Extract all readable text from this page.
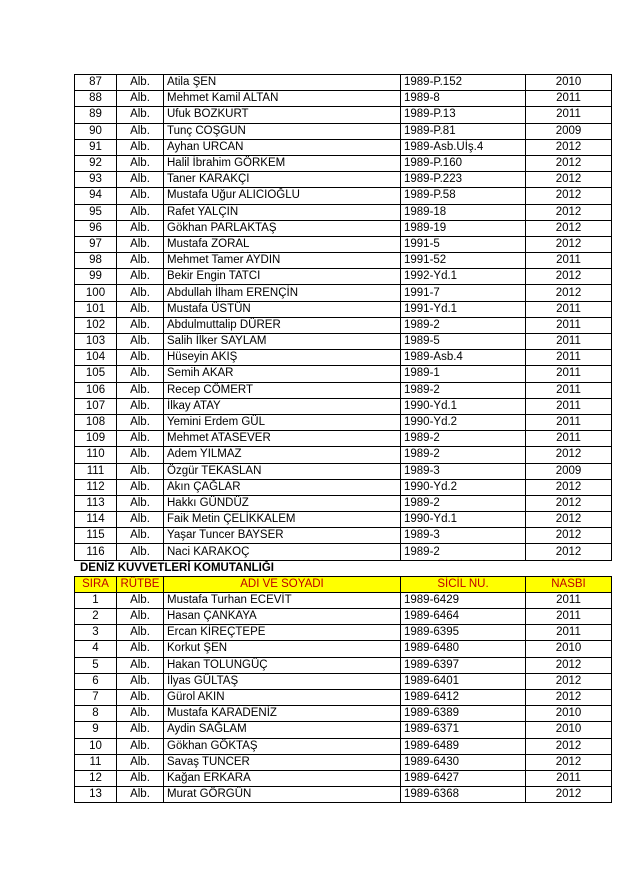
87	Alb.	Atila ŞEN	1989-P.152	2010
88	Alb.	Mehmet Kamil ALTAN	1989-8	2011
89	Alb.	Ufuk BOZKURT	1989-P.13	2011
90	Alb.	Tunç COŞGUN	1989-P.81	2009
91	Alb.	Ayhan URCAN	1989-Asb.Uİş.4	2012
92	Alb.	Halil İbrahim GÖRKEM	1989-P.160	2012
93	Alb.	Taner KARAKÇI	1989-P.223	2012
94	Alb.	Mustafa Uğur ALICIOĞLU	1989-P.58	2012
95	Alb.	Rafet YALÇIN	1989-18	2012
96	Alb.	Gökhan PARLAKTAŞ	1989-19	2012
97	Alb.	Mustafa ZORAL	1991-5	2012
98	Alb.	Mehmet Tamer AYDIN	1991-52	2011
99	Alb.	Bekir Engin TATCI	1992-Yd.1	2012
100	Alb.	Abdullah İlham ERENÇİN	1991-7	2012
101	Alb.	Mustafa ÜSTÜN	1991-Yd.1	2011
102	Alb.	Abdulmuttalip DÜRER	1989-2	2011
103	Alb.	Salih İlker SAYLAM	1989-5	2011
104	Alb.	Hüseyin AKIŞ	1989-Asb.4	2011
105	Alb.	Semih AKAR	1989-1	2011
106	Alb.	Recep CÖMERT	1989-2	2011
107	Alb.	İlkay ATAY	1990-Yd.1	2011
108	Alb.	Yemini Erdem GÜL	1990-Yd.2	2011
109	Alb.	Mehmet ATASEVER	1989-2	2011
110	Alb.	Adem YILMAZ	1989-2	2012
111	Alb.	Özgür TEKASLAN	1989-3	2009
112	Alb.	Akın ÇAĞLAR	1990-Yd.2	2012
113	Alb.	Hakkı GÜNDÜZ	1989-2	2012
114	Alb.	Faik Metin ÇELİKKALEM	1990-Yd.1	2012
115	Alb.	Yaşar Tuncer BAYSER	1989-3	2012
116	Alb.	Naci KARAKOÇ	1989-2	2012
DENİZ KUVVETLERİ KOMUTANLIĞI
SIRA	RÜTBE	ADI VE SOYADI	SİCİL NU.	NASBI
1	Alb.	Mustafa Turhan ECEVİT	1989-6429	2011
2	Alb.	Hasan ÇANKAYA	1989-6464	2011
3	Alb.	Ercan KİREÇTEPE	1989-6395	2011
4	Alb.	Korkut ŞEN	1989-6480	2010
5	Alb.	Hakan TOLUNGÜÇ	1989-6397	2012
6	Alb.	İlyas GÜLTAŞ	1989-6401	2012
7	Alb.	Gürol AKIN	1989-6412	2012
8	Alb.	Mustafa KARADENİZ	1989-6389	2010
9	Alb.	Aydin SAĞLAM	1989-6371	2010
10	Alb.	Gökhan GÖKTAŞ	1989-6489	2012
11	Alb.	Savaş TUNCER	1989-6430	2012
12	Alb.	Kağan ERKARA	1989-6427	2011
13	Alb.	Murat GÖRGÜN	1989-6368	2012
